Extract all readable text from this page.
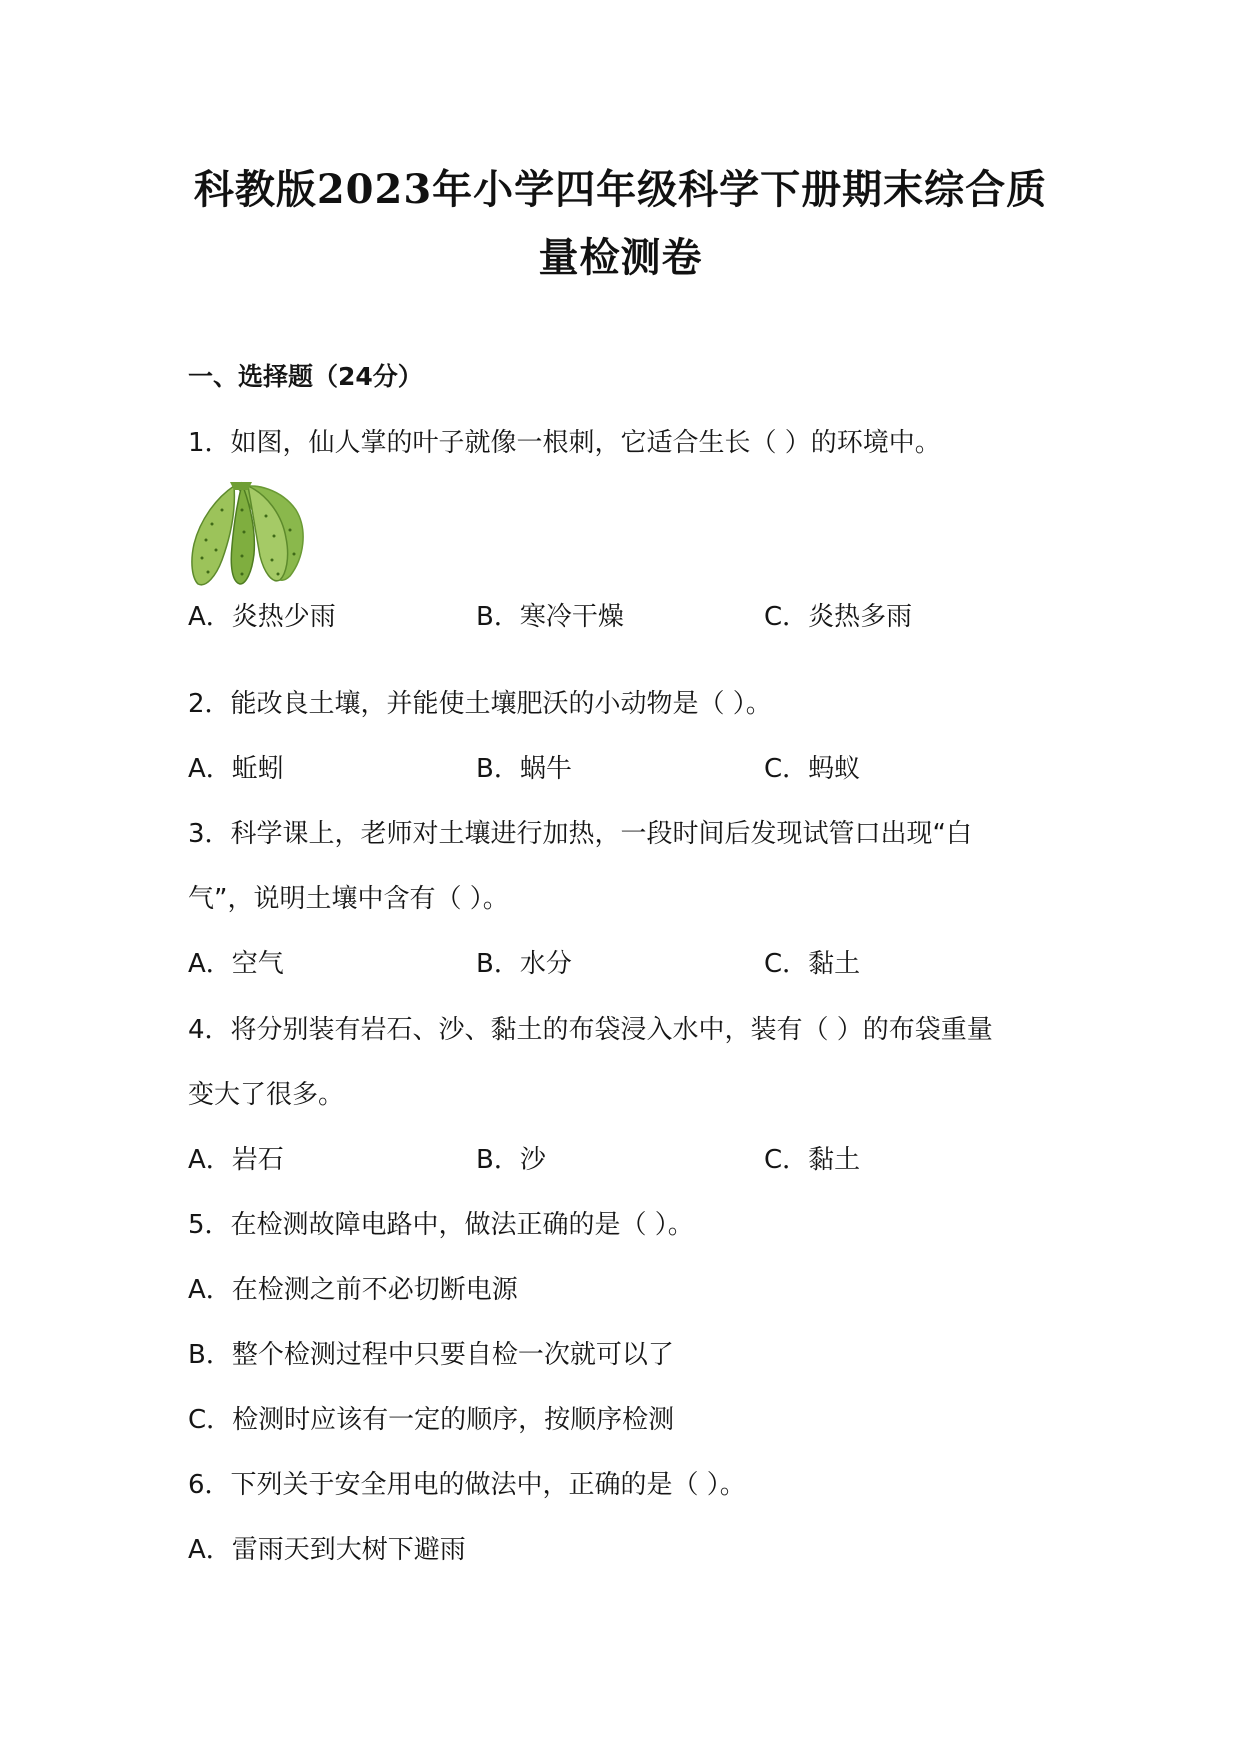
科教版2023年小学四年级科学下册期末综合质
量检测卷
一、选择题（24分）
1．如图，仙人掌的叶子就像一根刺，它适合生长（ ）的环境中。
A．炎热少雨	B．寒冷干燥	C．炎热多雨
2．能改良土壤，并能使土壤肥沃的小动物是（ ）。
A．蚯蚓	B．蜗牛	C．蚂蚁
3．科学课上，老师对土壤进行加热，一段时间后发现试管口出现“白
气”，说明土壤中含有（ ）。
A．空气	B．水分	C．黏土
4．将分别装有岩石、沙、黏土的布袋浸入水中，装有（ ）的布袋重量
变大了很多。
A．岩石	B．沙	C．黏土
5．在检测故障电路中，做法正确的是（ ）。
A．在检测之前不必切断电源
B．整个检测过程中只要自检一次就可以了
C．检测时应该有一定的顺序，按顺序检测
6．下列关于安全用电的做法中，正确的是（ ）。
A．雷雨天到大树下避雨
